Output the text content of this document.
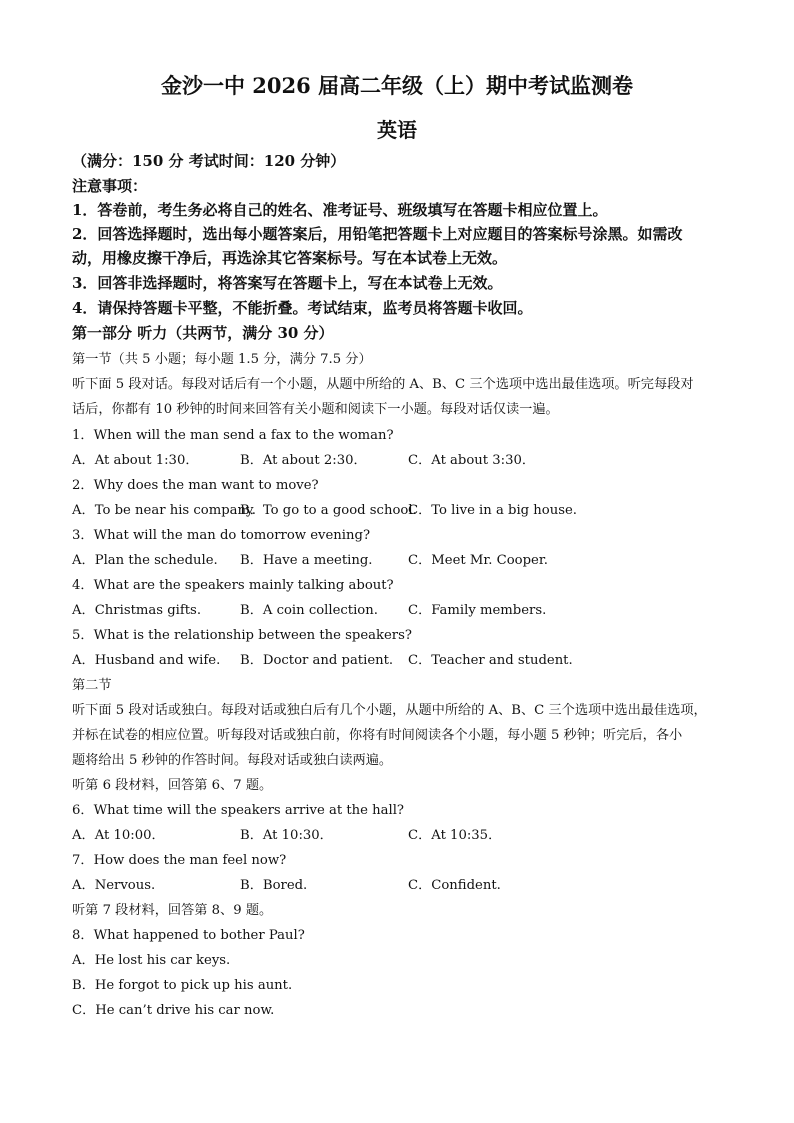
金沙一中 2026 届高二年级（上）期中考试监测卷
英语
（满分：150 分 考试时间：120 分钟）
注意事项：
1．答卷前，考生务必将自己的姓名、准考证号、班级填写在答题卡相应位置上。
2．回答选择题时，选出每小题答案后，用铅笔把答题卡上对应题目的答案标号涂黑。如需改
动，用橡皮擦干净后，再选涂其它答案标号。写在本试卷上无效。
3．回答非选择题时，将答案写在答题卡上，写在本试卷上无效。
4．请保持答题卡平整，不能折叠。考试结束，监考员将答题卡收回。
第一部分 听力（共两节，满分 30 分）
第一节（共 5 小题；每小题 1.5 分，满分 7.5 分）
听下面 5 段对话。每段对话后有一个小题，从题中所给的 A、B、C 三个选项中选出最佳选项。听完每段对
话后，你都有 10 秒钟的时间来回答有关小题和阅读下一小题。每段对话仅读一遍。
1．When will the man send a fax to the woman?
A．At about 1:30．	B．At about 2:30．	C．At about 3:30．
2．Why does the man want to move?
A．To be near his company.
B．To go to a good school.
C．To live in a big house.
3．What will the man do tomorrow evening?
A．Plan the schedule. B．Have a meeting.	C．Meet Mr. Cooper.
4．What are the speakers mainly talking about?
A．Christmas gifts.	B．A coin collection. C．Family members.
5．What is the relationship between the speakers?
A．Husband and wife. B．Doctor and patient. C．Teacher and student.
第二节
听下面 5 段对话或独白。每段对话或独白后有几个小题，从题中所给的 A、B、C 三个选项中选出最佳选项，
并标在试卷的相应位置。听每段对话或独白前，你将有时间阅读各个小题，每小题 5 秒钟；听完后，各小
题将给出 5 秒钟的作答时间。每段对话或独白读两遍。
听第 6 段材料，回答第 6、7 题。
6．What time will the speakers arrive at the hall?
A．At 10:00．	B．At 10:30．	C．At 10:35．
7．How does the man feel now?
A．Nervous.	B．Bored.	C．Confident.
听第 7 段材料，回答第 8、9 题。
8．What happened to bother Paul?
A．He lost his car keys.
B．He forgot to pick up his aunt.
C．He can’t drive his car now.
